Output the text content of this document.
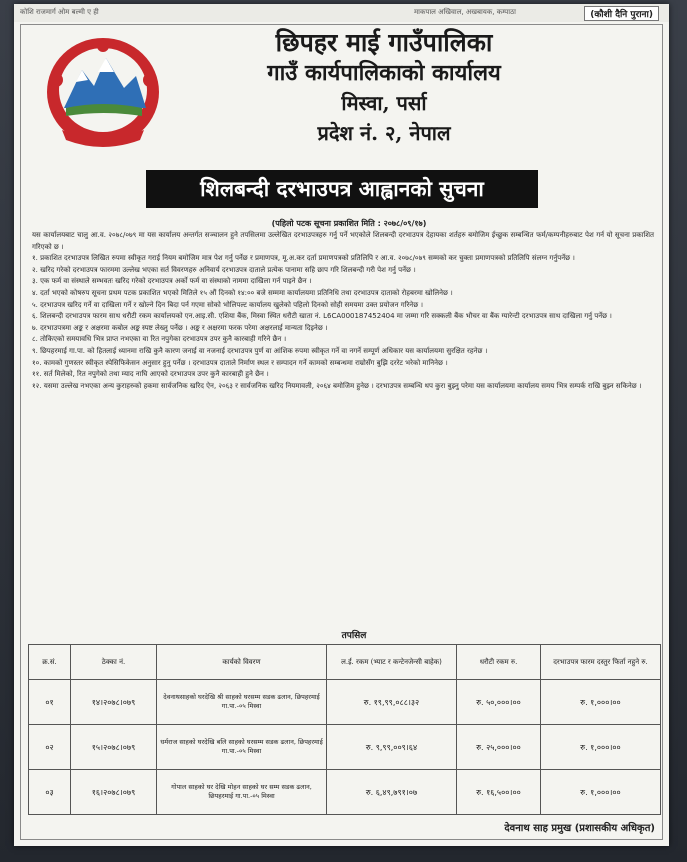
कोशि राजमार्ग ओम बल्मी ए ही	माकपाल अखिवाल, अखबायक, कम्पाठा	(कौशी दैनि पुराना)
छिपहर माई गाउँपालिका
गाउँ कार्यपालिकाको कार्यालय
मिस्वा, पर्सा
प्रदेश नं. २, नेपाल
शिलबन्दी दरभाउपत्र आह्वानको सुचना
(पहिलो पटक सूचना प्रकाशित मिति : २०७८/०९/१७)

यस कार्यालयबाट चालु आ.व. २०७८/०७९ मा यस कार्यालय अन्तर्गत सञ्चालन हुने तपसिलमा उल्लेखित दरभाउपत्रहरु गर्नु पर्ने भएकोले शिलबन्दी दरभाउपत्र देहायका शर्तहरु बमोजिम ईच्छुक सम्बन्धित फर्म/कम्पनीहरुबाट पेश गर्न यो सूचना प्रकाशित गरिएको छ ।

१. प्रकाशित दरभाउपत्र लिखित रुपमा स्वीकृत गराई नियम बमोजिम मात्र पेश गर्नु पर्नेछ र प्रमाणपत्र, मू.अ.कर दर्ता प्रमाणपत्रको प्रतिलिपि र आ.व. २०७८/०७९ सम्मको कर चुक्ता प्रमाणपत्रको प्रतिलिपि संलग्न गर्नुपर्नेछ ।

२. खरिद गरेको दरभाउपत्र फारममा उल्लेख भएका सर्त विवरणहरु अनिवार्य दरभाउपत्र दाताले प्रत्येक पानामा सहि छाप गरि शिलबन्दी गरी पेश गर्नु पर्नेछ ।

३. एक फर्म वा संस्थाले सम्भवतः खरिद गरेको दरभाउपत्र अर्को फर्म वा संस्थाको नाममा दाखिला गर्न पाइने छैन ।

४. दर्ता भएको कोषरुप सूचना प्रथम पटक प्रकाशित भएको मितिले १५ औं दिनको १४:०० बजे सम्ममा कार्यालयमा प्रतिनिधि तथा दरभाउपत्र दाताको रोहबरमा खोलिनेछ ।

५. दरभाउपत्र खरिद गर्ने वा दाखिला गर्ने र खोल्ने दिन बिदा पर्न गएमा सोको भोलिपल्ट कार्यालय खुलेको पहिलो दिनको सोही समयमा उक्त प्रयोजन गरिनेछ ।

६. शिलबन्दी दरभाउपत्र फारम साथ धरौटी रकम कार्यालयको एन.आइ.सी. एशिया बैंक, मिस्वा स्थित धरौटी खाता नं. L6CA000187452404 मा जम्मा गरि सक्कली बैंक भौचर वा बैंक ग्यारेन्टी दरभाउपत्र साथ दाखिला गर्नु पर्नेछ ।

७. दरभाउपत्रमा अङ्क र अक्षरमा कबोल अङ्क स्पष्ट लेख्नु पर्नेछ । अङ्क र अक्षरमा फरक परेमा अक्षरलाई मान्यता दिइनेछ ।

८. तोकिएको समयावधि भित्र प्राप्त नभएका वा रित नपुगेका दरभाउपत्र उपर कुनै कारबाही गरिने छैन ।

९. छिपहरमाई गा.पा. को हितलाई ध्यानमा राखि कुनै कारण जनाई वा नजनाई दरभाउपत्र पुर्ण वा आंशिक रुपमा स्वीकृत गर्ने वा नगर्ने सम्पूर्ण अधिकार यस कार्यालयमा सुरक्षित रहनेछ ।

१०. कामको गुणस्तर स्वीकृत स्पेसिफिकेसन अनुसार हुनु पर्नेछ । दरभाउपत्र दाताले निर्माण स्थल र सम्पादन गर्ने कामको सम्बन्धमा राम्रोसँग बुझि दररेट भरेको मानिनेछ ।

११. सर्त मिलेको, रित नपुगेको तथा म्याद नाघि आएको दरभाउपत्र उपर कुनै कारबाही हुने छैन ।

१२. यसमा उल्लेख नभएका अन्य कुराहरुको हकमा सार्वजनिक खरिद ऐन, २०६३ र सार्वजनिक खरिद नियमावली, २०६४ बमोजिम हुनेछ । दरभाउपत्र सम्बन्धि थप कुरा बुझ्नु परेमा यस कार्यालयमा कार्यालय समय भित्र सम्पर्क राखि बुझ्न सकिनेछ ।

तपसिल
क्र.सं.	ठेक्का नं.	कार्यको विवरण	ल.ई. रकम (भ्याट र कन्टेनजेन्सी बाहेक)	धरौटी रकम रु.	दरभाउपत्र फारम दस्तुर फिर्ता नहुने रु.
०१	१४।२०७८।०७९	देवनाथसाहको घरदेखि श्री साहको घरसम्म सडक ढलान, छिपहरमाई गा.पा.-०५ मिस्वा	रु. १९,९९,०८८।३२	रु. ५०,०००।००	रु. १,०००।००
०२	१५।२०७८।०७९	धर्मराज साहको घरदेखि बलि साहको घरसम्म सडक ढलान, छिपहरमाई गा.पा.-०५ मिस्वा	रु. ९,९९,००९।६४	रु. २५,०००।००	रु. १,०००।००
०३	१६।२०७८।०७९	गोपाल साहको घर देखि मोहन साहको घर सम्म सडक ढलान, छिपहरमाई गा.पा.-०५ मिस्वा	रु. ६,४९,७९१।०७	रु. १६,५००।००	रु. १,०००।००
देवनाथ साह प्रमुख (प्रशासकीय अधिकृत)
